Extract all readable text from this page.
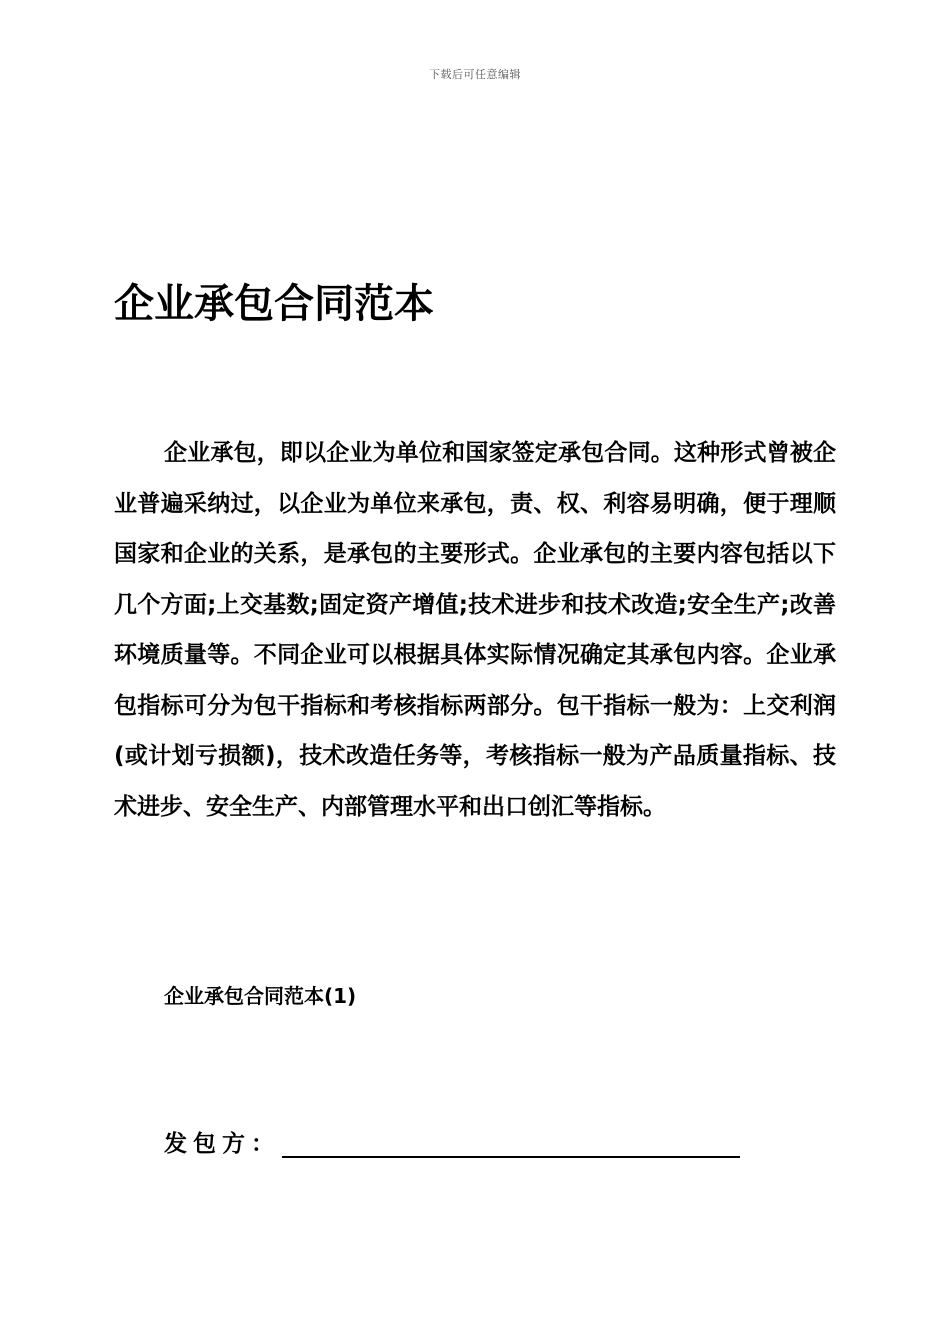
下载后可任意编辑
企业承包合同范本

企业承包，即以企业为单位和国家签定承包合同。这种形式曾被企业普遍采纳过，以企业为单位来承包，责、权、利容易明确，便于理顺国家和企业的关系，是承包的主要形式。企业承包的主要内容包括以下几个方面;上交基数;固定资产增值;技术进步和技术改造;安全生产;改善环境质量等。不同企业可以根据具体实际情况确定其承包内容。企业承包指标可分为包干指标和考核指标两部分。包干指标一般为：上交利润(或计划亏损额)，技术改造任务等，考核指标一般为产品质量指标、技术进步、安全生产、内部管理水平和出口创汇等指标。

企业承包合同范本(1)
发包方：
